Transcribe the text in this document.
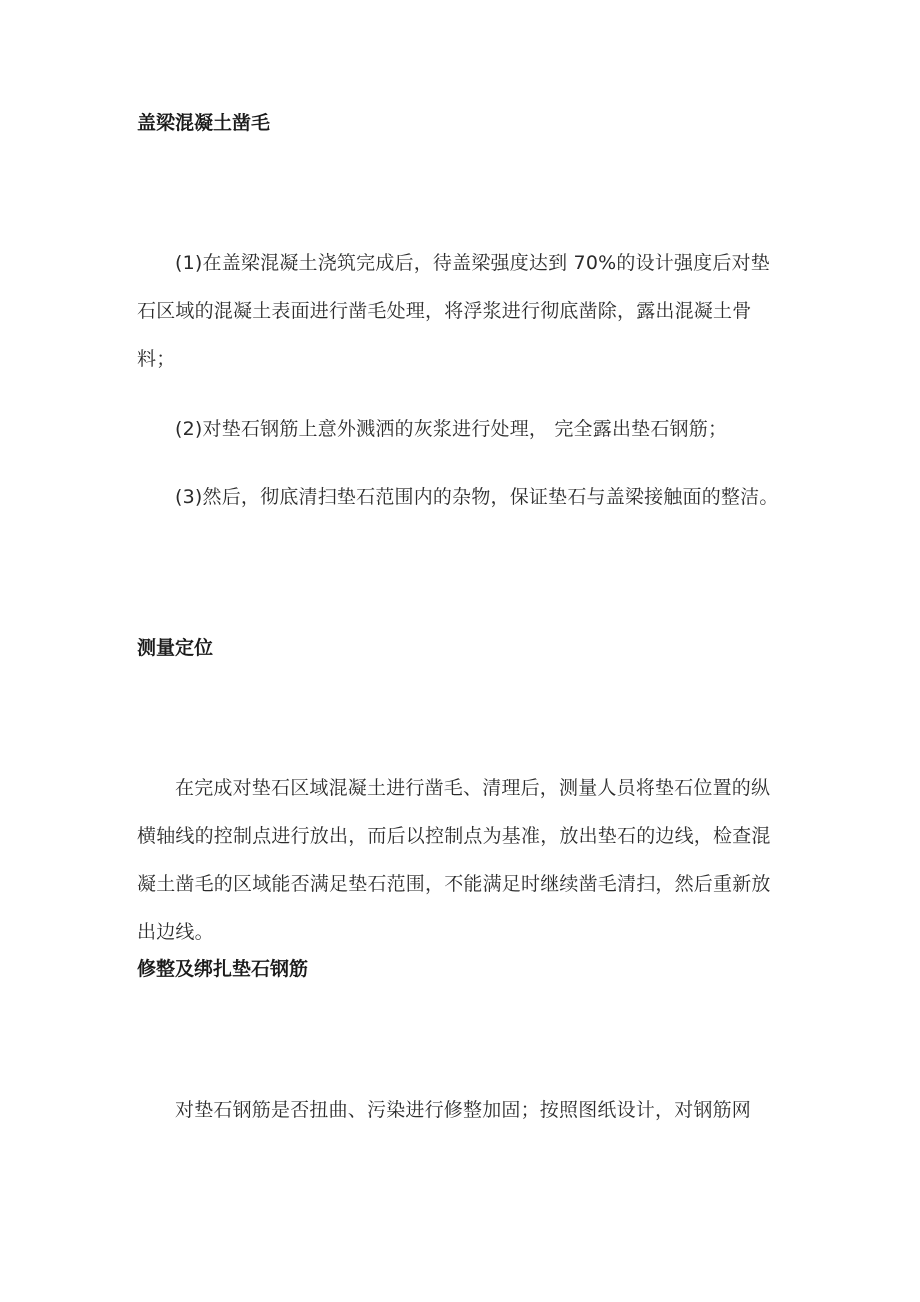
盖梁混凝土凿毛
(1)在盖梁混凝土浇筑完成后，待盖梁强度达到 70%的设计强度后对垫石区域的混凝土表面进行凿毛处理，将浮浆进行彻底凿除，露出混凝土骨料；
(2)对垫石钢筋上意外溅洒的灰浆进行处理， 完全露出垫石钢筋；
(3)然后，彻底清扫垫石范围内的杂物，保证垫石与盖梁接触面的整洁。
测量定位
在完成对垫石区域混凝土进行凿毛、清理后，测量人员将垫石位置的纵横轴线的控制点进行放出，而后以控制点为基准，放出垫石的边线，检查混凝土凿毛的区域能否满足垫石范围，不能满足时继续凿毛清扫，然后重新放出边线。
修整及绑扎垫石钢筋
对垫石钢筋是否扭曲、污染进行修整加固；按照图纸设计，对钢筋网
